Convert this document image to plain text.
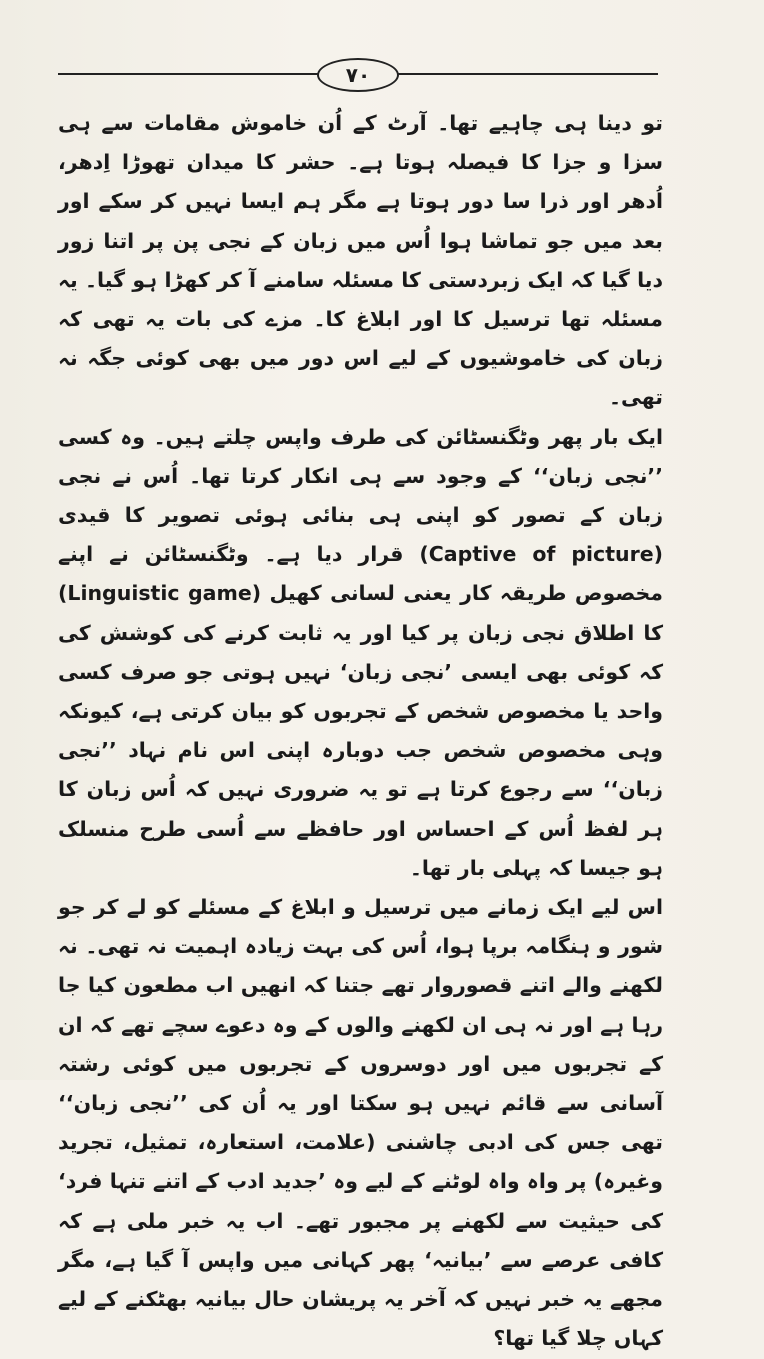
۷۰

تو دینا ہی چاہیے تھا۔ آرٹ کے اُن خاموش مقامات سے ہی سزا و جزا کا فیصلہ ہوتا ہے۔ حشر کا میدان تھوڑا اِدھر، اُدھر اور ذرا سا دور ہوتا ہے مگر ہم ایسا نہیں کر سکے اور بعد میں جو تماشا ہوا اُس میں زبان کے نجی پن پر اتنا زور دیا گیا کہ ایک زبردستی کا مسئلہ سامنے آ کر کھڑا ہو گیا۔ یہ مسئلہ تھا ترسیل کا اور ابلاغ کا۔ مزے کی بات یہ تھی کہ زبان کی خاموشیوں کے لیے اس دور میں بھی کوئی جگہ نہ تھی۔

ایک بار پھر وٹگنسٹائن کی طرف واپس چلتے ہیں۔ وہ کسی ’’نجی زبان‘‘ کے وجود سے ہی انکار کرتا تھا۔ اُس نے نجی زبان کے تصور کو اپنی ہی بنائی ہوئی تصویر کا قیدی (Captive of picture) قرار دیا ہے۔ وٹگنسٹائن نے اپنے مخصوص طریقہ کار یعنی لسانی کھیل (Linguistic game) کا اطلاق نجی زبان پر کیا اور یہ ثابت کرنے کی کوشش کی کہ کوئی بھی ایسی ’نجی زبان‘ نہیں ہوتی جو صرف کسی واحد یا مخصوص شخص کے تجربوں کو بیان کرتی ہے، کیونکہ وہی مخصوص شخص جب دوبارہ اپنی اس نام نہاد ’’نجی زبان‘‘ سے رجوع کرتا ہے تو یہ ضروری نہیں کہ اُس زبان کا ہر لفظ اُس کے احساس اور حافظے سے اُسی طرح منسلک ہو جیسا کہ پہلی بار تھا۔

اس لیے ایک زمانے میں ترسیل و ابلاغ کے مسئلے کو لے کر جو شور و ہنگامہ برپا ہوا، اُس کی بہت زیادہ اہمیت نہ تھی۔ نہ لکھنے والے اتنے قصوروار تھے جتنا کہ انھیں اب مطعون کیا جا رہا ہے اور نہ ہی ان لکھنے والوں کے وہ دعوے سچے تھے کہ ان کے تجربوں میں اور دوسروں کے تجربوں میں کوئی رشتہ آسانی سے قائم نہیں ہو سکتا اور یہ اُن کی ’’نجی زبان‘‘ تھی جس کی ادبی چاشنی (علامت، استعارہ، تمثیل، تجرید وغیرہ) پر واہ واہ لوٹنے کے لیے وہ ’جدید ادب کے اتنے تنہا فرد‘ کی حیثیت سے لکھنے پر مجبور تھے۔ اب یہ خبر ملی ہے کہ کافی عرصے سے ’بیانیہ‘ پھر کہانی میں واپس آ گیا ہے، مگر مجھے یہ خبر نہیں کہ آخر یہ پریشان حال بیانیہ بھٹکنے کے لیے کہاں چلا گیا تھا؟
